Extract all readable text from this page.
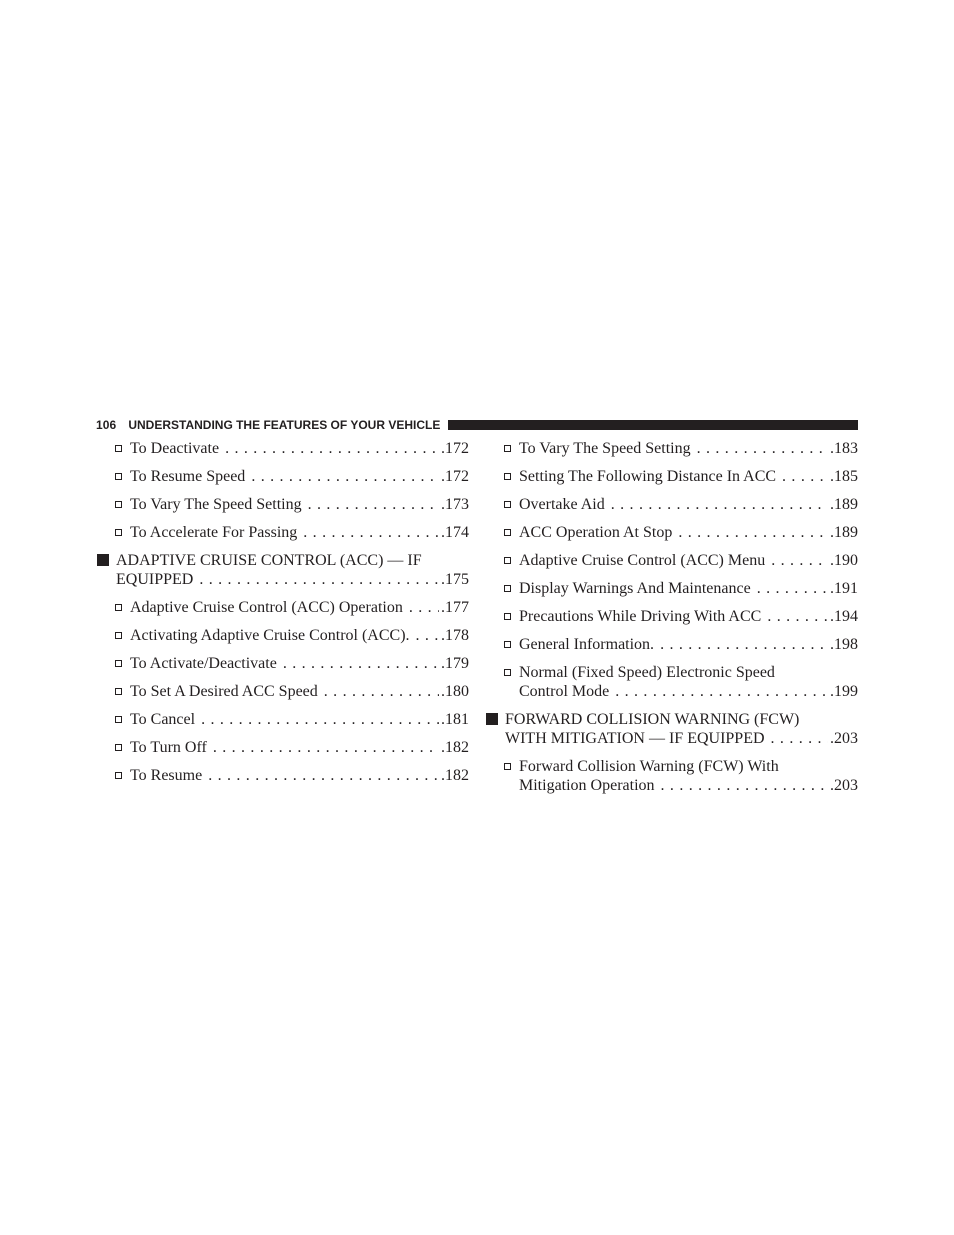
106 UNDERSTANDING THE FEATURES OF YOUR VEHICLE
To Deactivate . . .	.172
To Resume Speed . . .	.172
To Vary The Speed Setting . . .	.173
To Accelerate For Passing . . .	.174
ADAPTIVE CRUISE CONTROL (ACC) — IF
EQUIPPED . . .	.175
Adaptive Cruise Control (ACC) Operation . . . .177
Activating Adaptive Cruise Control (ACC). . . . .178
To Activate/Deactivate . . .	.179
To Set A Desired ACC Speed . . .	.180
To Cancel . . .	.181
To Turn Off . . .	.182
To Resume . . .	.182
To Vary The Speed Setting . . .	.183
Setting The Following Distance In ACC . . .	.185
Overtake Aid . . .	.189
ACC Operation At Stop . . .	.189
Adaptive Cruise Control (ACC) Menu . . .	.190
Display Warnings And Maintenance . . .	.191
Precautions While Driving With ACC . . .	.194
General Information. . . .	.198
Normal (Fixed Speed) Electronic Speed
Control Mode . . .	.199
FORWARD COLLISION WARNING (FCW)
WITH MITIGATION — IF EQUIPPED . . .	.203
Forward Collision Warning (FCW) With
Mitigation Operation . . .	.203
